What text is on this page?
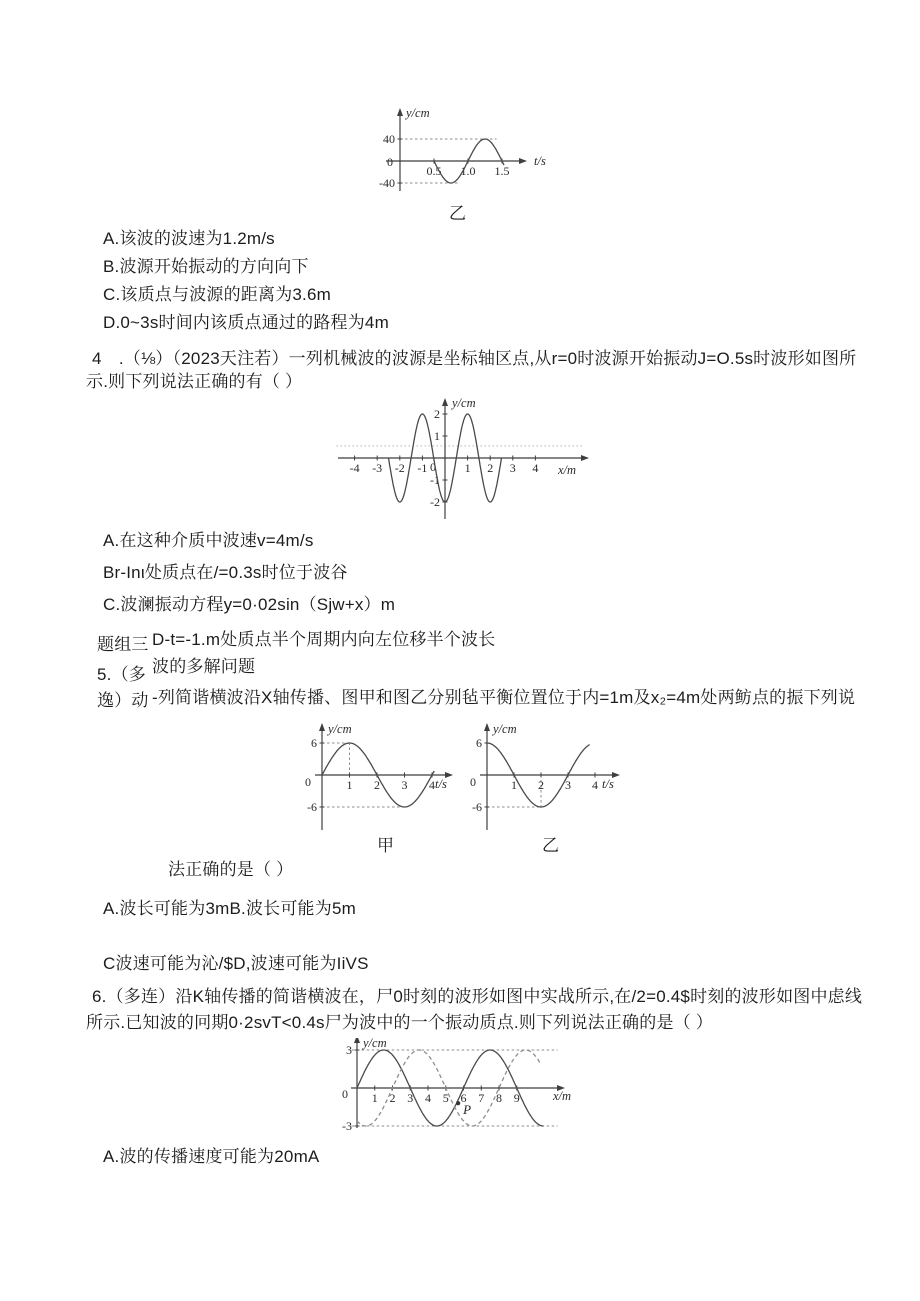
0.5 1.0 1.5
40
-40
0	t/s
y/cm
乙
A.该波的波速为1.2m/s
B.波源开始振动的方向向下
C.该质点与波源的距离为3.6m
D.0~3s时间内该质点通过的路程为4m
4　.（⅛）（2023天注若）一列机械波的波源是坐标轴区点,从r=0时波源开始振动J=O.5s时波形如图所
示.则下列说法正确的有（ ）
-4 -3 -2 -1	1 2 3 4
2
1
-1
-2
0	x/m
y/cm
A.在这种介质中波速v=4m/s
Br-Inι处质点在/=0.3s时位于波谷
C.波澜振动方程y=0·02sin（Sjw+x）m
D-t=-1.m处质点半个周期内向左位移半个波长
题组三
波的多解问题
5.（多
-列简谐横波沿X轴传播、图甲和图乙分别毡平衡位置位于内=1m及x₂=4m处两鲂点的振下列说
逸）动
1 2 3 4
6
-6
0	t/s
y/cm
1 2 3 4
6
-6
0	t/s
y/cm
甲	乙
法正确的是（ ）
A.波长可能为3mB.波长可能为5m
C波速可能为沁/$D,波速可能为IiVS
6.（多连）沿K轴传播的简谐横波在，尸0时刻的波形如图中实战所示,在/2=0.4$时刻的波形如图中虑线
所示.已知波的冋期0·2svT<0.4s尸为波中的一个振动质点.则下列说法正确的是（ ）
1 2 3 4 5 6 7 8 9
3
-3
0	x/m
y/cm
P
A.波的传播速度可能为20mA
